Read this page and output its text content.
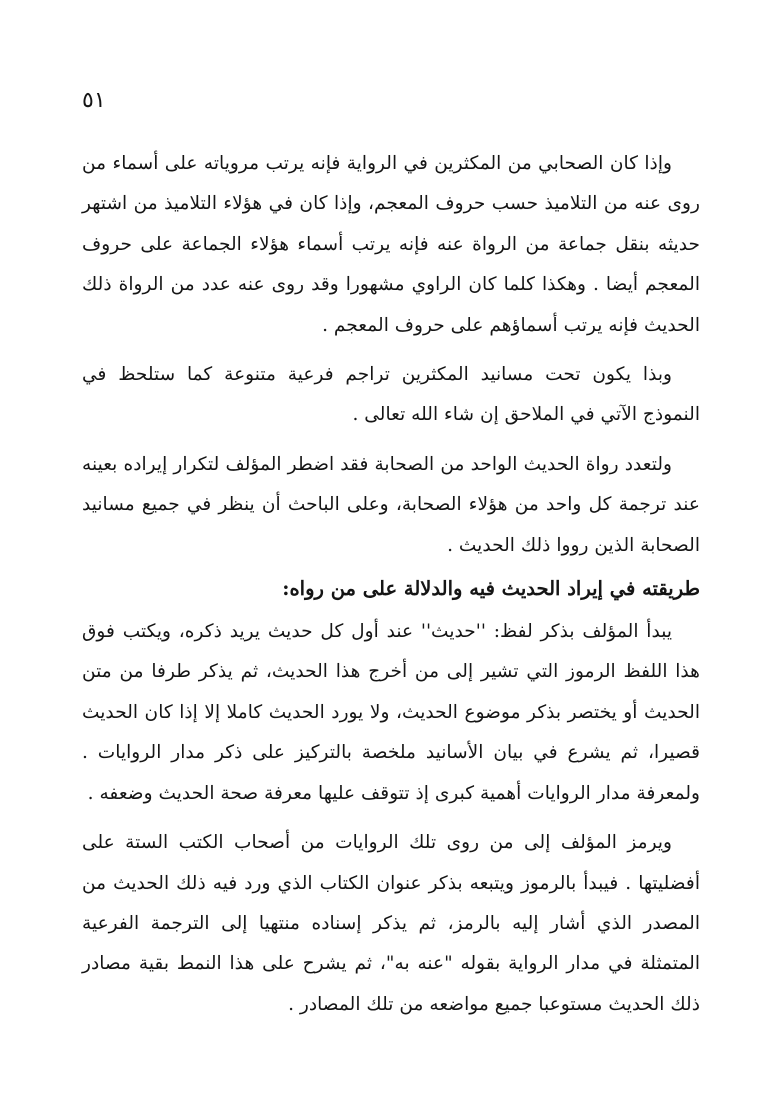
٥١

وإذا كان الصحابي من المكثرين في الرواية فإنه يرتب مروياته على أسماء من روى عنه من التلاميذ حسب حروف المعجم، وإذا كان في هؤلاء التلاميذ من اشتهر حديثه بنقل جماعة من الرواة عنه فإنه يرتب أسماء هؤلاء الجماعة على حروف المعجم أيضا . وهكذا كلما كان الراوي مشهورا وقد روى عنه عدد من الرواة ذلك الحديث فإنه يرتب أسماؤهم على حروف المعجم .

وبذا يكون تحت مسانيد المكثرين تراجم فرعية متنوعة كما ستلحظ في النموذج الآتي في الملاحق إن شاء الله تعالى .

ولتعدد رواة الحديث الواحد من الصحابة فقد اضطر المؤلف لتكرار إيراده بعينه عند ترجمة كل واحد من هؤلاء الصحابة، وعلى الباحث أن ينظر في جميع مسانيد الصحابة الذين رووا ذلك الحديث .

طريقته في إيراد الحديث فيه والدلالة على من رواه:

يبدأ المؤلف بذكر لفظ: ''حديث'' عند أول كل حديث يريد ذكره، ويكتب فوق هذا اللفظ الرموز التي تشير إلى من أخرج هذا الحديث، ثم يذكر طرفا من متن الحديث أو يختصر بذكر موضوع الحديث، ولا يورد الحديث كاملا إلا إذا كان الحديث قصيرا، ثم يشرع في بيان الأسانيد ملخصة بالتركيز على ذكر مدار الروايات . ولمعرفة مدار الروايات أهمية كبرى إذ تتوقف عليها معرفة صحة الحديث وضعفه .

ويرمز المؤلف إلى من روى تلك الروايات من أصحاب الكتب الستة على أفضليتها . فيبدأ بالرموز ويتبعه بذكر عنوان الكتاب الذي ورد فيه ذلك الحديث من المصدر الذي أشار إليه بالرمز، ثم يذكر إسناده منتهيا إلى الترجمة الفرعية المتمثلة في مدار الرواية بقوله "عنه به"، ثم يشرح على هذا النمط بقية مصادر ذلك الحديث مستوعبا جميع مواضعه من تلك المصادر .
